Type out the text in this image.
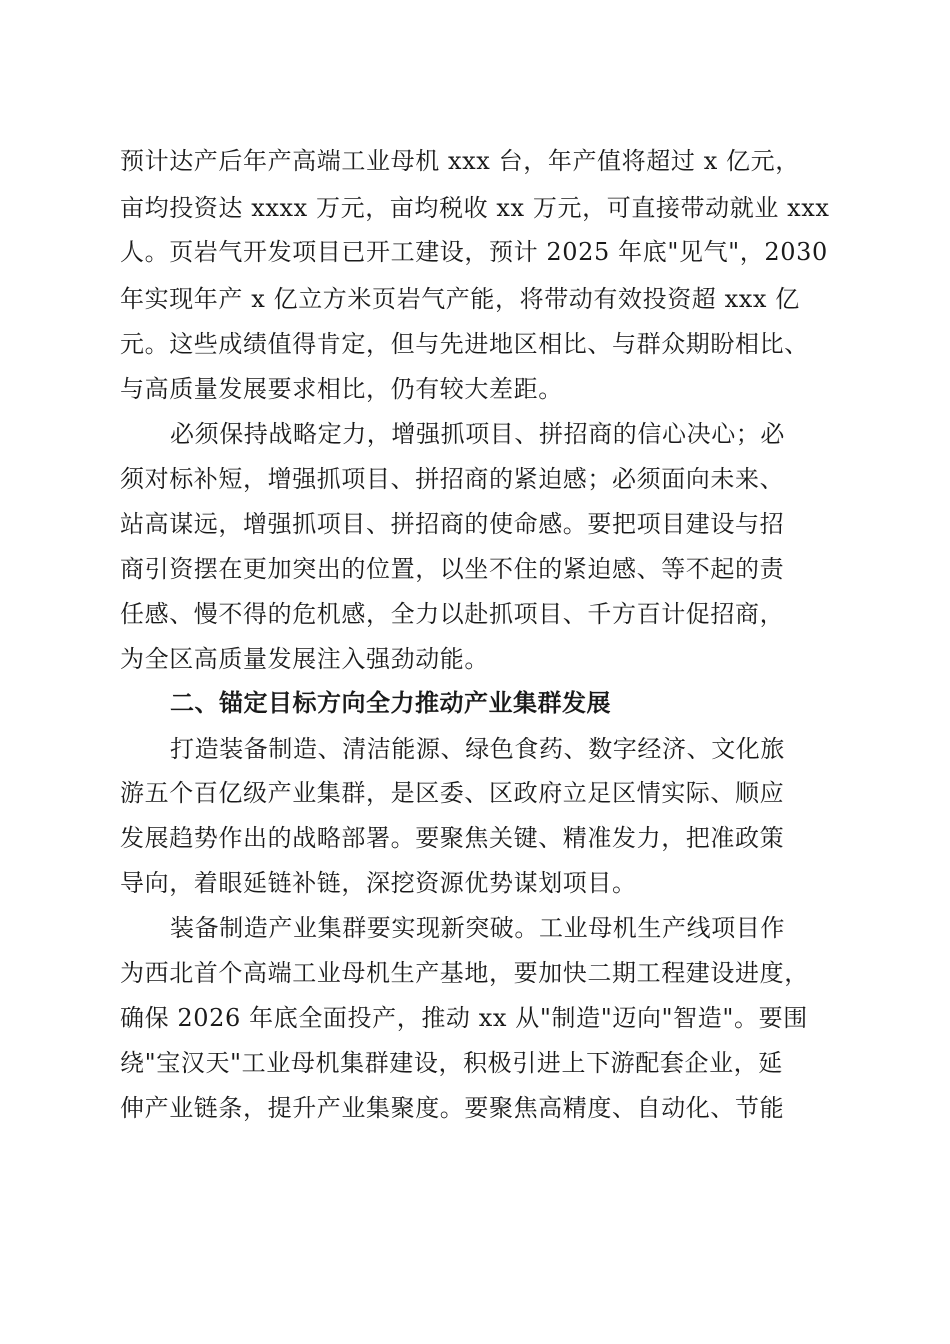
预计达产后年产高端工业母机 xxx 台，年产值将超过 x 亿元，
亩均投资达 xxxx 万元，亩均税收 xx 万元，可直接带动就业 xxx
人。页岩气开发项目已开工建设，预计 2025 年底"见气"，2030
年实现年产 x 亿立方米页岩气产能，将带动有效投资超 xxx 亿
元。这些成绩值得肯定，但与先进地区相比、与群众期盼相比、
与高质量发展要求相比，仍有较大差距。
必须保持战略定力，增强抓项目、拼招商的信心决心；必
须对标补短，增强抓项目、拼招商的紧迫感；必须面向未来、
站高谋远，增强抓项目、拼招商的使命感。要把项目建设与招
商引资摆在更加突出的位置，以坐不住的紧迫感、等不起的责
任感、慢不得的危机感，全力以赴抓项目、千方百计促招商，
为全区高质量发展注入强劲动能。
二、锚定目标方向全力推动产业集群发展
打造装备制造、清洁能源、绿色食药、数字经济、文化旅
游五个百亿级产业集群，是区委、区政府立足区情实际、顺应
发展趋势作出的战略部署。要聚焦关键、精准发力，把准政策
导向，着眼延链补链，深挖资源优势谋划项目。
装备制造产业集群要实现新突破。工业母机生产线项目作
为西北首个高端工业母机生产基地，要加快二期工程建设进度，
确保 2026 年底全面投产，推动 xx 从"制造"迈向"智造"。要围
绕"宝汉天"工业母机集群建设，积极引进上下游配套企业，延
伸产业链条，提升产业集聚度。要聚焦高精度、自动化、节能
